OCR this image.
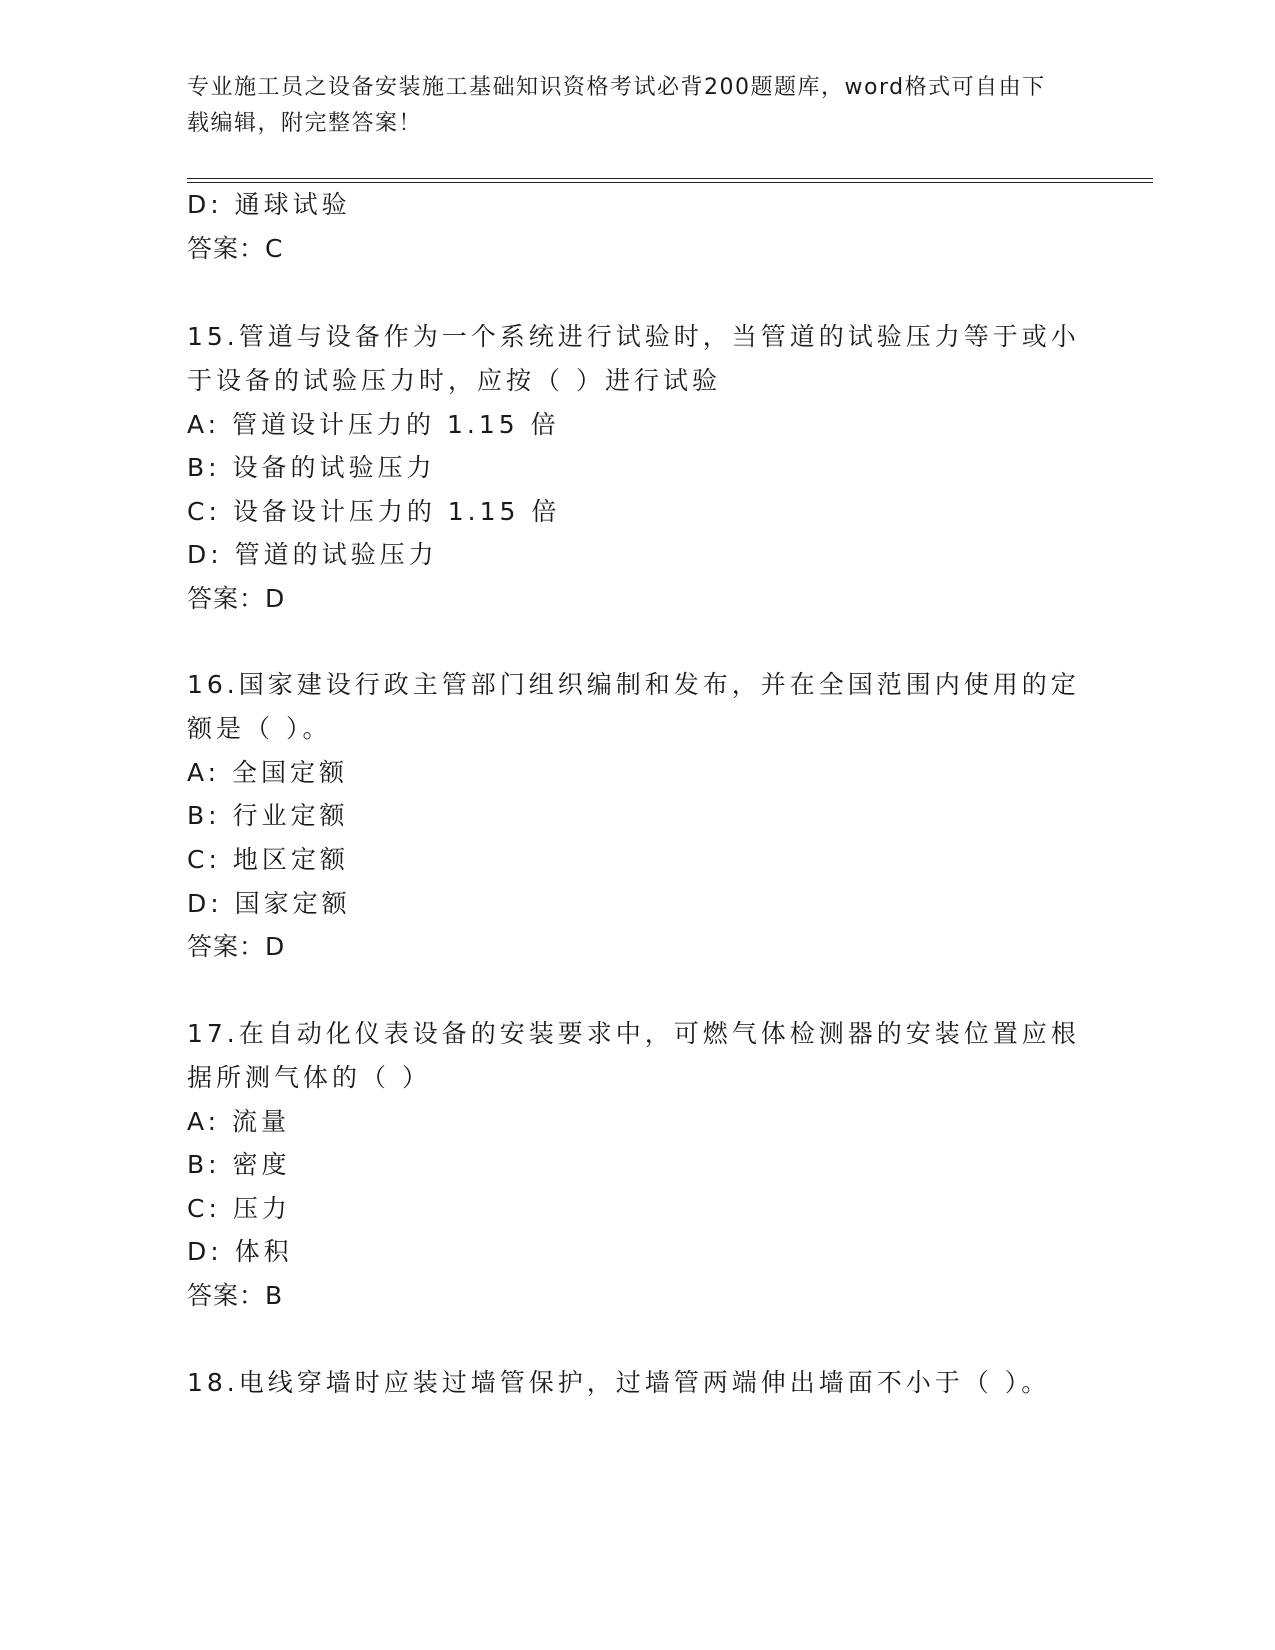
专业施工员之设备安装施工基础知识资格考试必背200题题库，word格式可自由下载编辑，附完整答案！

D: 通球试验

答案：C

15.管道与设备作为一个系统进行试验时，当管道的试验压力等于或小

于设备的试验压力时，应按（ ）进行试验

A: 管道设计压力的 1.15 倍

B: 设备的试验压力

C: 设备设计压力的 1.15 倍

D: 管道的试验压力

答案：D

16.国家建设行政主管部门组织编制和发布，并在全国范围内使用的定

额是（ ）。

A: 全国定额

B: 行业定额

C: 地区定额

D: 国家定额

答案：D

17.在自动化仪表设备的安装要求中，可燃气体检测器的安装位置应根

据所测气体的（ ）

A: 流量

B: 密度

C: 压力

D: 体积

答案：B

18.电线穿墙时应装过墙管保护，过墙管两端伸出墙面不小于（ ）。
